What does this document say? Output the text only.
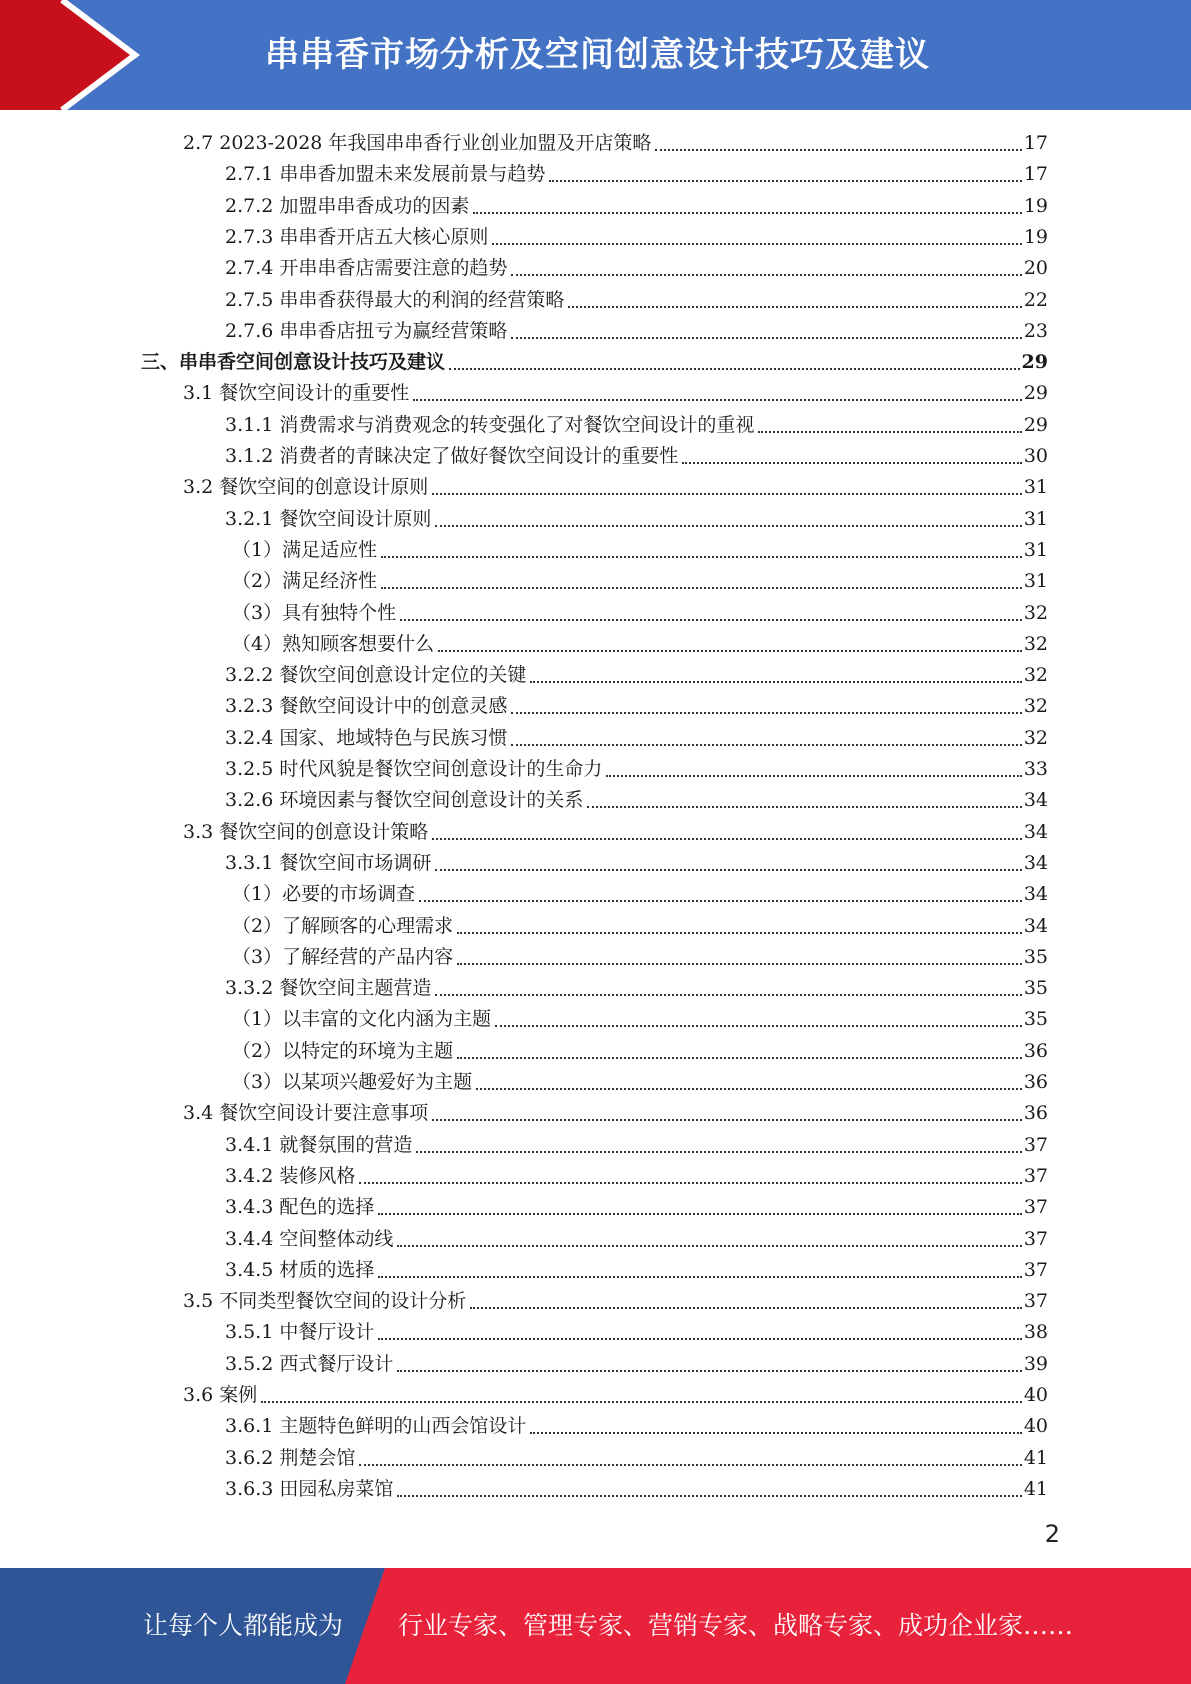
串串香市场分析及空间创意设计技巧及建议
2.7 2023-2028 年我国串串香行业创业加盟及开店策略	17
2.7.1 串串香加盟未来发展前景与趋势	17
2.7.2 加盟串串香成功的因素	19
2.7.3 串串香开店五大核心原则	19
2.7.4 开串串香店需要注意的趋势	20
2.7.5 串串香获得最大的利润的经营策略	22
2.7.6 串串香店扭亏为赢经营策略	23
三、串串香空间创意设计技巧及建议	29
3.1 餐饮空间设计的重要性	29
3.1.1 消费需求与消费观念的转变强化了对餐饮空间设计的重视	29
3.1.2 消费者的青睐决定了做好餐饮空间设计的重要性	30
3.2 餐饮空间的创意设计原则	31
3.2.1 餐饮空间设计原则	31
（1）满足适应性	31
（2）满足经济性	31
（3）具有独特个性	32
（4）熟知顾客想要什么	32
3.2.2 餐饮空间创意设计定位的关键	32
3.2.3 餐飲空间设计中的创意灵感	32
3.2.4 国家、地域特色与民族习惯	32
3.2.5 时代风貌是餐饮空间创意设计的生命力	33
3.2.6 环境因素与餐饮空间创意设计的关系	34
3.3 餐饮空间的创意设计策略	34
3.3.1 餐饮空间市场调研	34
（1）必要的市场调查	34
（2）了解顾客的心理需求	34
（3）了解经营的产品内容	35
3.3.2 餐饮空间主题营造	35
（1）以丰富的文化内涵为主题	35
（2）以特定的环境为主题	36
（3）以某项兴趣爱好为主题	36
3.4 餐饮空间设计要注意事项	36
3.4.1 就餐氛围的营造	37
3.4.2 装修风格	37
3.4.3 配色的选择	37
3.4.4 空间整体动线	37
3.4.5 材质的选择	37
3.5 不同类型餐饮空间的设计分析	37
3.5.1 中餐厅设计	38
3.5.2 西式餐厅设计	39
3.6 案例	40
3.6.1 主题特色鲜明的山西会馆设计	40
3.6.2 荆楚会馆	41
3.6.3 田园私房菜馆	41
2
让每个人都能成为 行业专家、管理专家、营销专家、战略专家、成功企业家……
